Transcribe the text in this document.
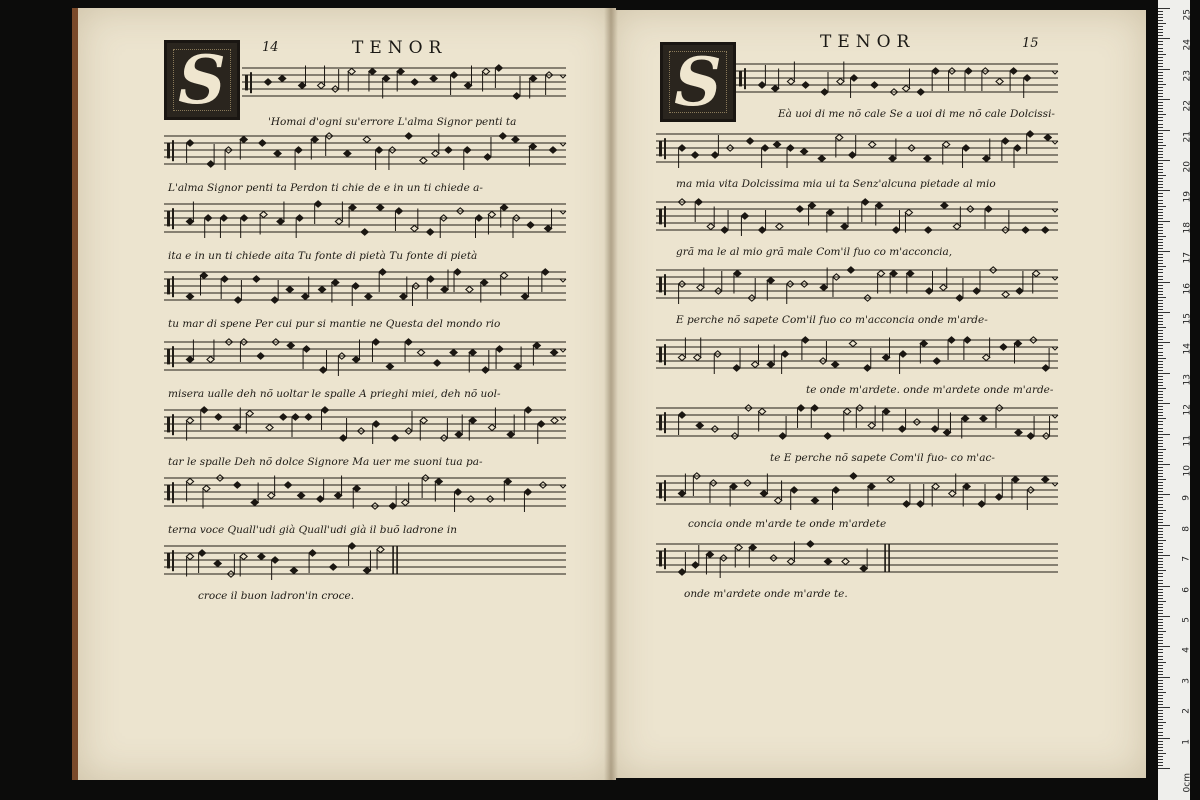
TENOR
14
S	TENOR	15
S
'Homai d'ogni su'errore L'alma Signor penti ta
L'alma Signor penti ta Perdon ti chie de e in un ti chiede a-
ita e in un ti chiede aita Tu fonte di pietà Tu fonte di pietà
tu mar di spene Per cui pur si mantie ne Questa del mondo rio
misera ualle deh nõ uoltar le spalle A prieghi miei, deh nõ uol-
tar le spalle Deh nõ dolce Signore Ma uer me suoni tua pa-
terna voce Quall'udi già Quall'udi già il buõ ladrone in
croce il buon ladron'in croce.
Eà uoi di me nõ cale Se a uoi di me nõ cale Dolcissi-
ma mia vita Dolcissima mia ui ta Senz'alcuna pietade al mio
grã ma le al mio grã male Com'il fuo co m'acconcia,
E perche nõ sapete Com'il fuo co m'acconcia onde m'arde-
te onde m'ardete. onde m'ardete onde m'arde-
te E perche nõ sapete Com'il fuo- co m'ac-
concia onde m'arde te onde m'ardete
onde m'ardete onde m'arde te.
0cm
1
2
3
4
5
6
7
8
9
10
11
12
13
14
15
16
17
18
19
20
21
22
23
24
25
